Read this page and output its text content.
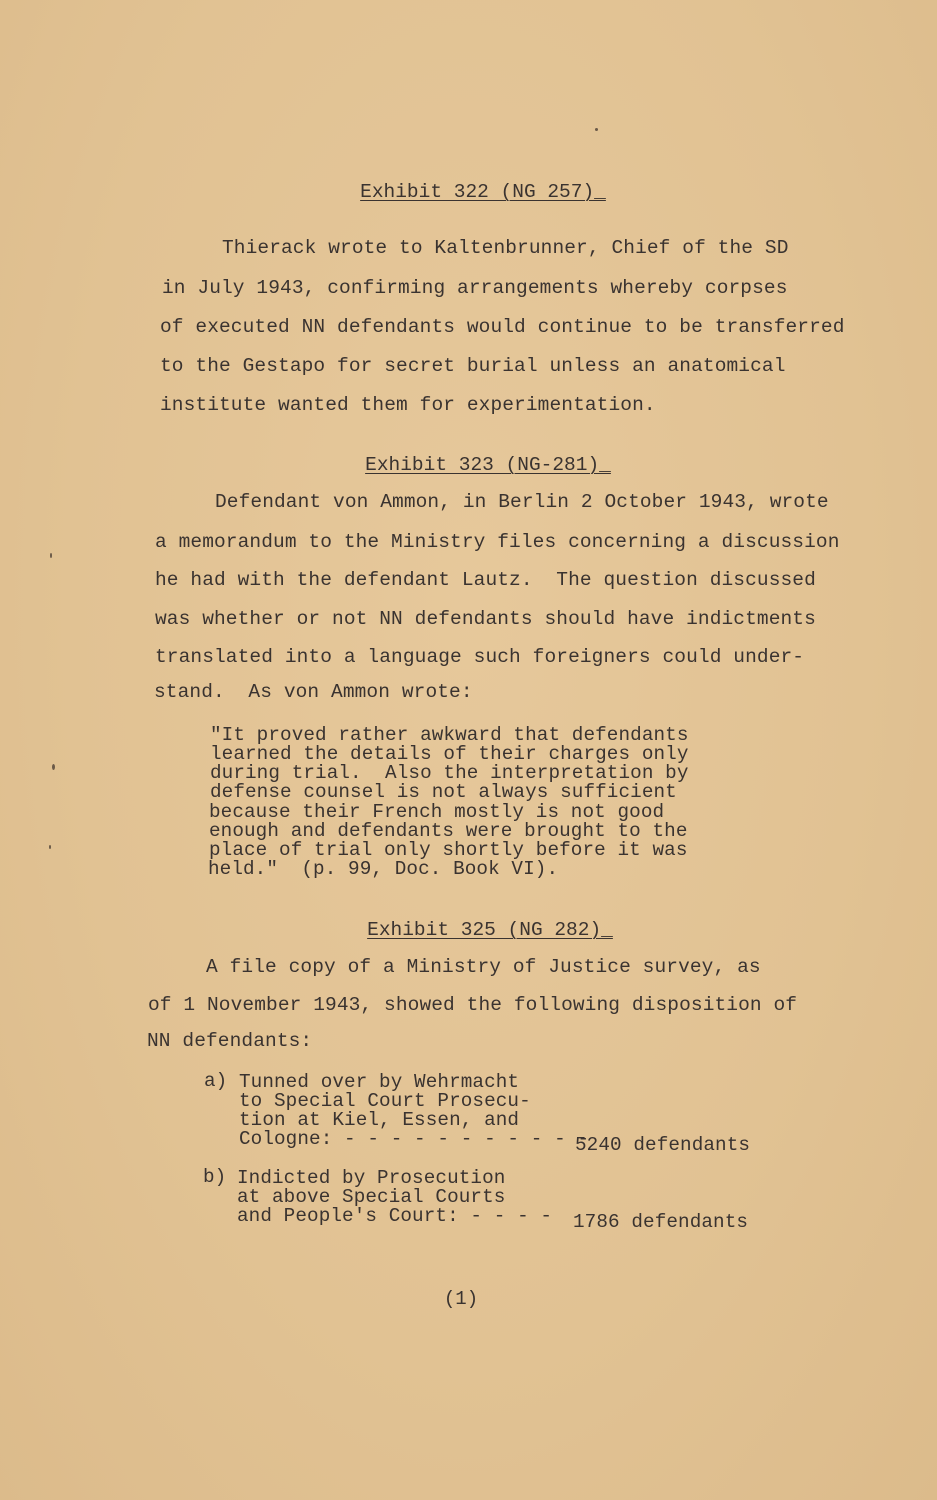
Exhibit 322 (NG 257)_
Thierack wrote to Kaltenbrunner, Chief of the SD
in July 1943, confirming arrangements whereby corpses
of executed NN defendants would continue to be transferred
to the Gestapo for secret burial unless an anatomical
institute wanted them for experimentation.
Exhibit 323 (NG-281)_
Defendant von Ammon, in Berlin 2 October 1943, wrote
a memorandum to the Ministry files concerning a discussion
he had with the defendant Lautz.  The question discussed
was whether or not NN defendants should have indictments
translated into a language such foreigners could under-
stand.  As von Ammon wrote:
"It proved rather awkward that defendants
learned the details of their charges only
during trial.  Also the interpretation by
defense counsel is not always sufficient
because their French mostly is not good
enough and defendants were brought to the
place of trial only shortly before it was
held."  (p. 99, Doc. Book VI).
Exhibit 325 (NG 282)_
A file copy of a Ministry of Justice survey, as
of 1 November 1943, showed the following disposition of
NN defendants:
a) Tunned over by Wehrmacht
to Special Court Prosecu-
tion at Kiel, Essen, and
Cologne: - - - - - - - - - - -
5240 defendants
b) Indicted by Prosecution
at above Special Courts
and People's Court: - - - - 1786 defendants
(1)
